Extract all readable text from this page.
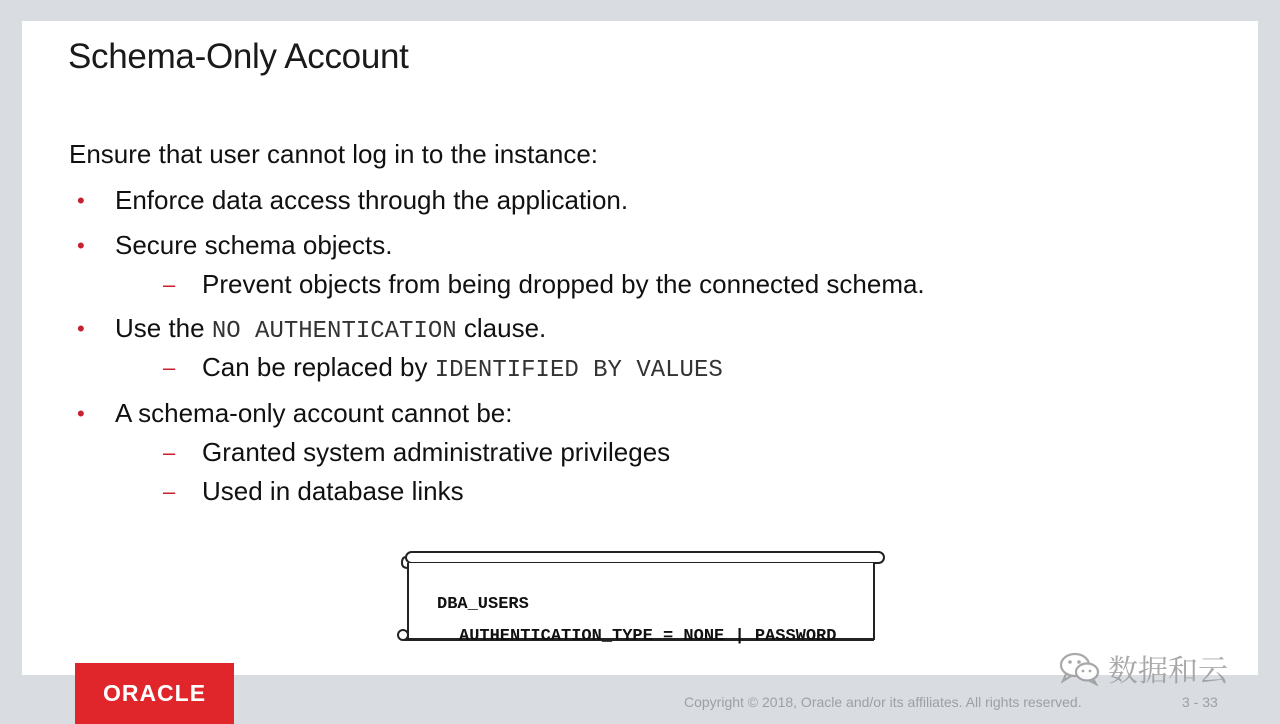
Schema-Only Account
Ensure that user cannot log in to the instance:
• Enforce data access through the application.
• Secure schema objects.
– Prevent objects from being dropped by the connected schema.
• Use the NO AUTHENTICATION clause.
– Can be replaced by IDENTIFIED BY VALUES
• A schema-only account cannot be:
– Granted system administrative privileges
– Used in database links
DBA_USERS
AUTHENTICATION_TYPE = NONE | PASSWORD
ORACLE	Copyright © 2018, Oracle and/or its affiliates. All rights reserved.	3 - 33
数据和云
